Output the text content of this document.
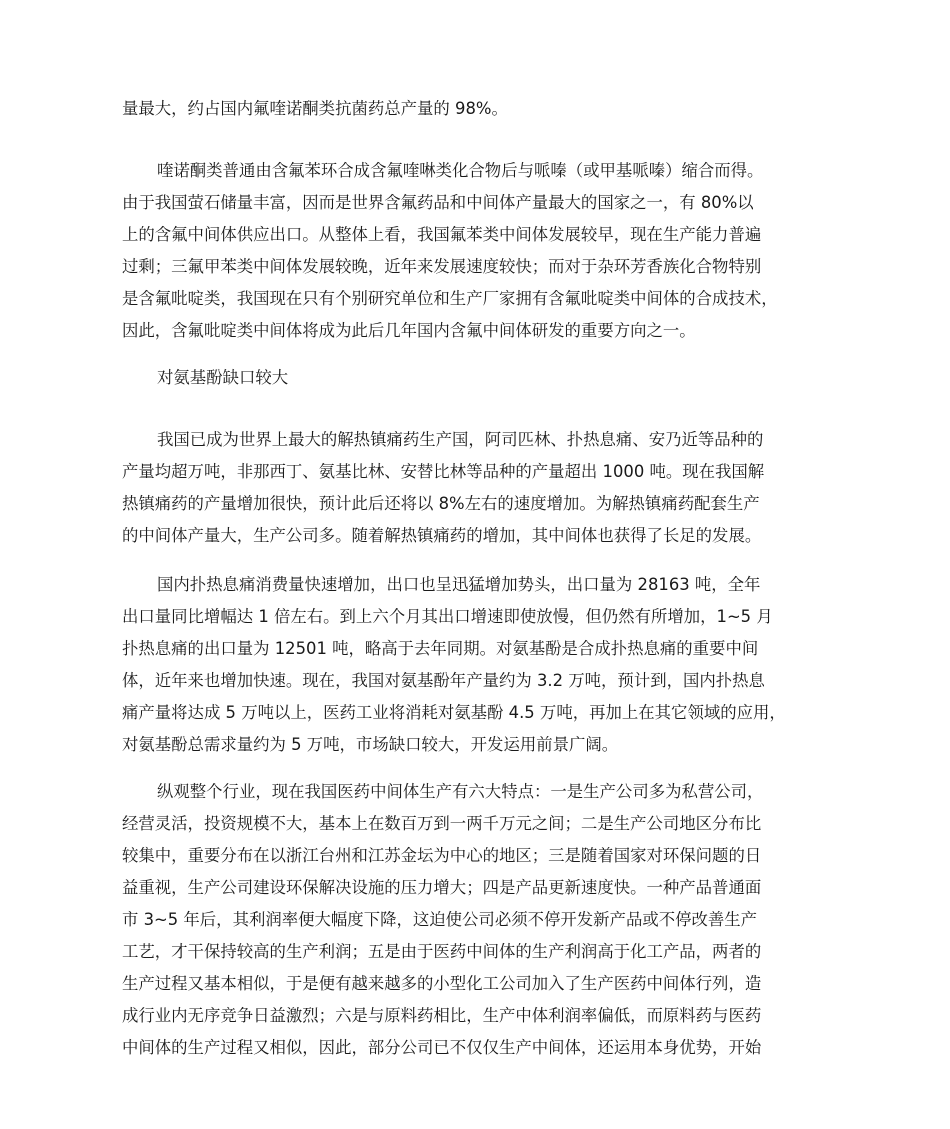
量最大，约占国内氟喹诺酮类抗菌药总产量的 98%。
喹诺酮类普通由含氟苯环合成含氟喹啉类化合物后与哌嗪（或甲基哌嗪）缩合而得。
由于我国萤石储量丰富，因而是世界含氟药品和中间体产量最大的国家之一，有 80%以
上的含氟中间体供应出口。从整体上看，我国氟苯类中间体发展较早，现在生产能力普遍
过剩；三氟甲苯类中间体发展较晚，近年来发展速度较快；而对于杂环芳香族化合物特别
是含氟吡啶类，我国现在只有个别研究单位和生产厂家拥有含氟吡啶类中间体的合成技术，
因此，含氟吡啶类中间体将成为此后几年国内含氟中间体研发的重要方向之一。
对氨基酚缺口较大
我国已成为世界上最大的解热镇痛药生产国，阿司匹林、扑热息痛、安乃近等品种的
产量均超万吨，非那西丁、氨基比林、安替比林等品种的产量超出 1000 吨。现在我国解
热镇痛药的产量增加很快，预计此后还将以 8%左右的速度增加。为解热镇痛药配套生产
的中间体产量大，生产公司多。随着解热镇痛药的增加，其中间体也获得了长足的发展。
国内扑热息痛消费量快速增加，出口也呈迅猛增加势头，出口量为 28163 吨，全年
出口量同比增幅达 1 倍左右。到上六个月其出口增速即使放慢，但仍然有所增加，1~5 月
扑热息痛的出口量为 12501 吨，略高于去年同期。对氨基酚是合成扑热息痛的重要中间
体，近年来也增加快速。现在，我国对氨基酚年产量约为 3.2 万吨，预计到，国内扑热息
痛产量将达成 5 万吨以上，医药工业将消耗对氨基酚 4.5 万吨，再加上在其它领域的应用，
对氨基酚总需求量约为 5 万吨，市场缺口较大，开发运用前景广阔。
纵观整个行业，现在我国医药中间体生产有六大特点：一是生产公司多为私营公司，
经营灵活，投资规模不大，基本上在数百万到一两千万元之间；二是生产公司地区分布比
较集中，重要分布在以浙江台州和江苏金坛为中心的地区；三是随着国家对环保问题的日
益重视，生产公司建设环保解决设施的压力增大；四是产品更新速度快。一种产品普通面
市 3~5 年后，其利润率便大幅度下降，这迫使公司必须不停开发新产品或不停改善生产
工艺，才干保持较高的生产利润；五是由于医药中间体的生产利润高于化工产品，两者的
生产过程又基本相似，于是便有越来越多的小型化工公司加入了生产医药中间体行列，造
成行业内无序竞争日益激烈；六是与原料药相比，生产中体利润率偏低，而原料药与医药
中间体的生产过程又相似，因此，部分公司已不仅仅生产中间体，还运用本身优势，开始
